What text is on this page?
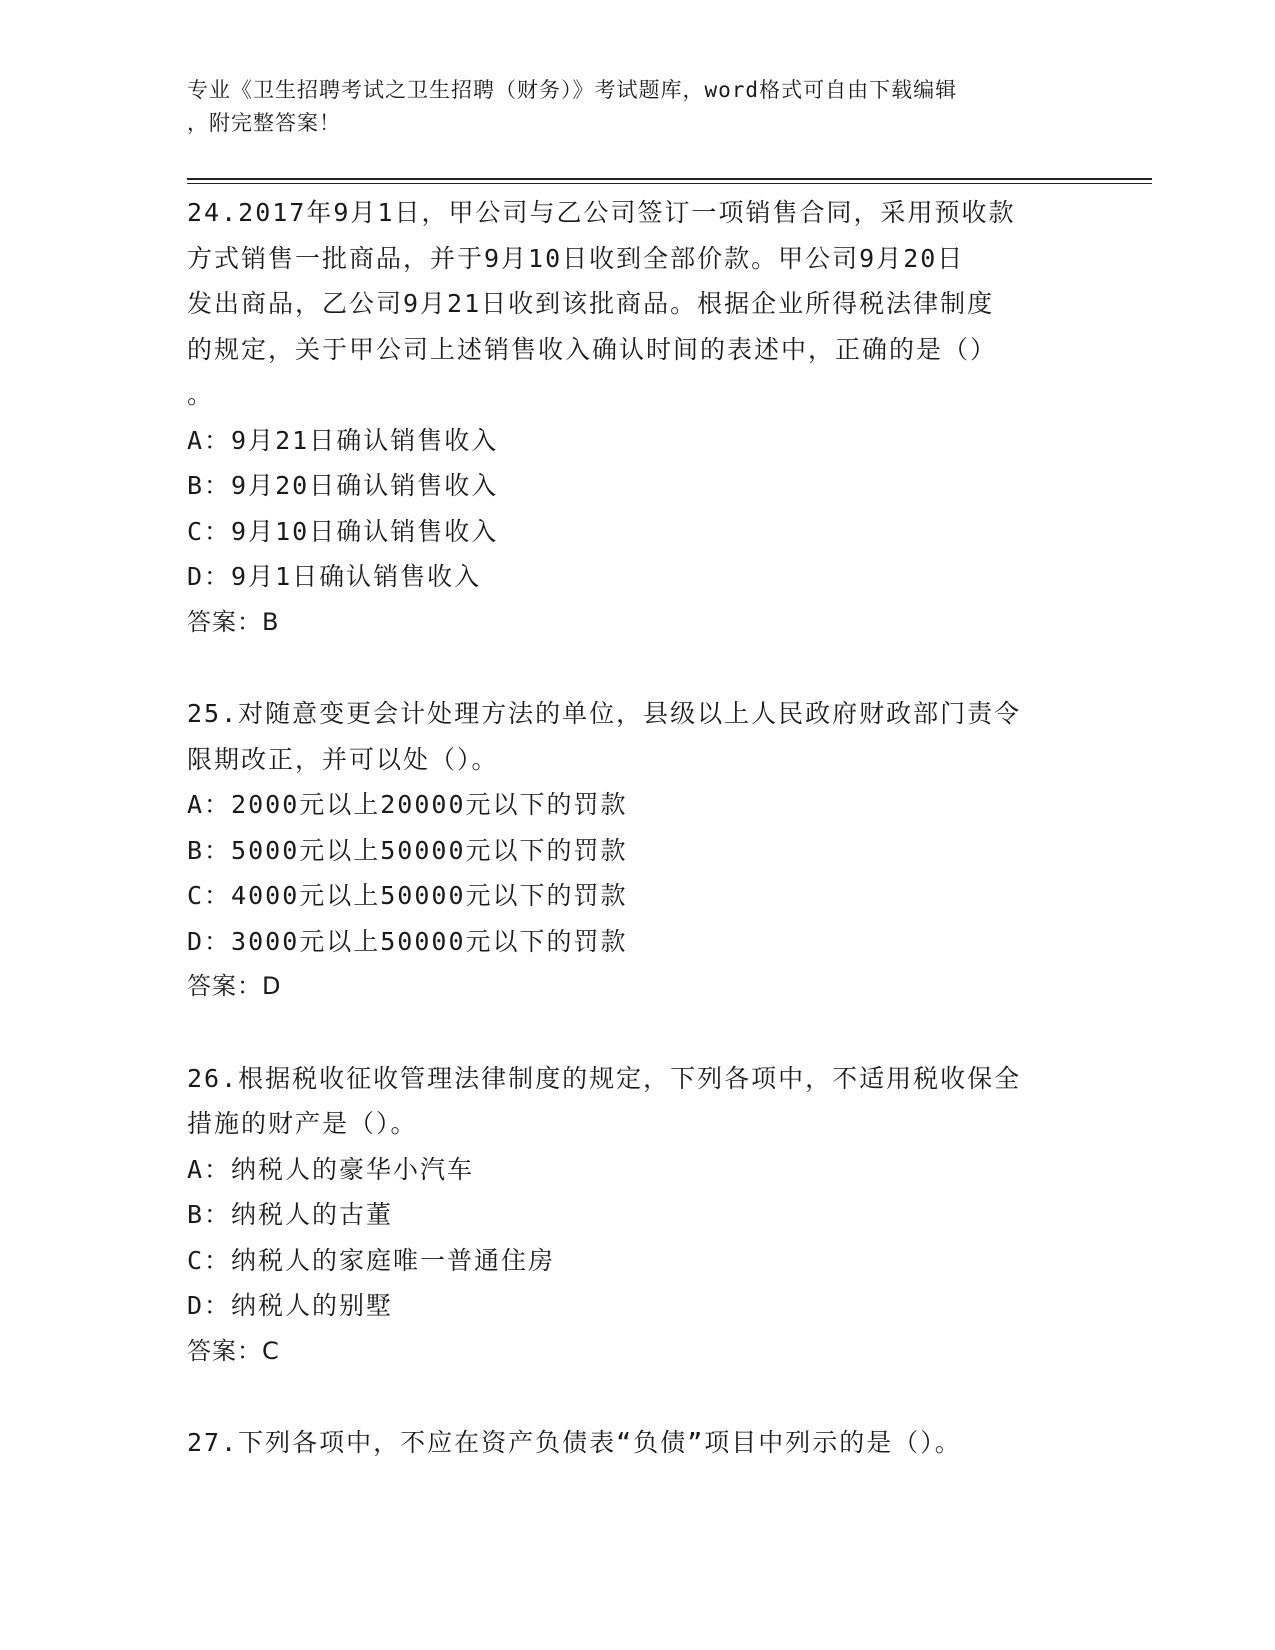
专业《卫生招聘考试之卫生招聘（财务）》考试题库，word格式可自由下载编辑
，附完整答案！
24.2017年9月1日，甲公司与乙公司签订一项销售合同，采用预收款
方式销售一批商品，并于9月10日收到全部价款。甲公司9月20日
发出商品，乙公司9月21日收到该批商品。根据企业所得税法律制度
的规定，关于甲公司上述销售收入确认时间的表述中，正确的是（）
。
A：9月21日确认销售收入
B：9月20日确认销售收入
C：9月10日确认销售收入
D：9月1日确认销售收入
答案：B
25.对随意变更会计处理方法的单位，县级以上人民政府财政部门责令
限期改正，并可以处（）。
A：2000元以上20000元以下的罚款
B：5000元以上50000元以下的罚款
C：4000元以上50000元以下的罚款
D：3000元以上50000元以下的罚款
答案：D
26.根据税收征收管理法律制度的规定，下列各项中，不适用税收保全
措施的财产是（）。
A：纳税人的豪华小汽车
B：纳税人的古董
C：纳税人的家庭唯一普通住房
D：纳税人的别墅
答案：C
27.下列各项中，不应在资产负债表“负债”项目中列示的是（）。
